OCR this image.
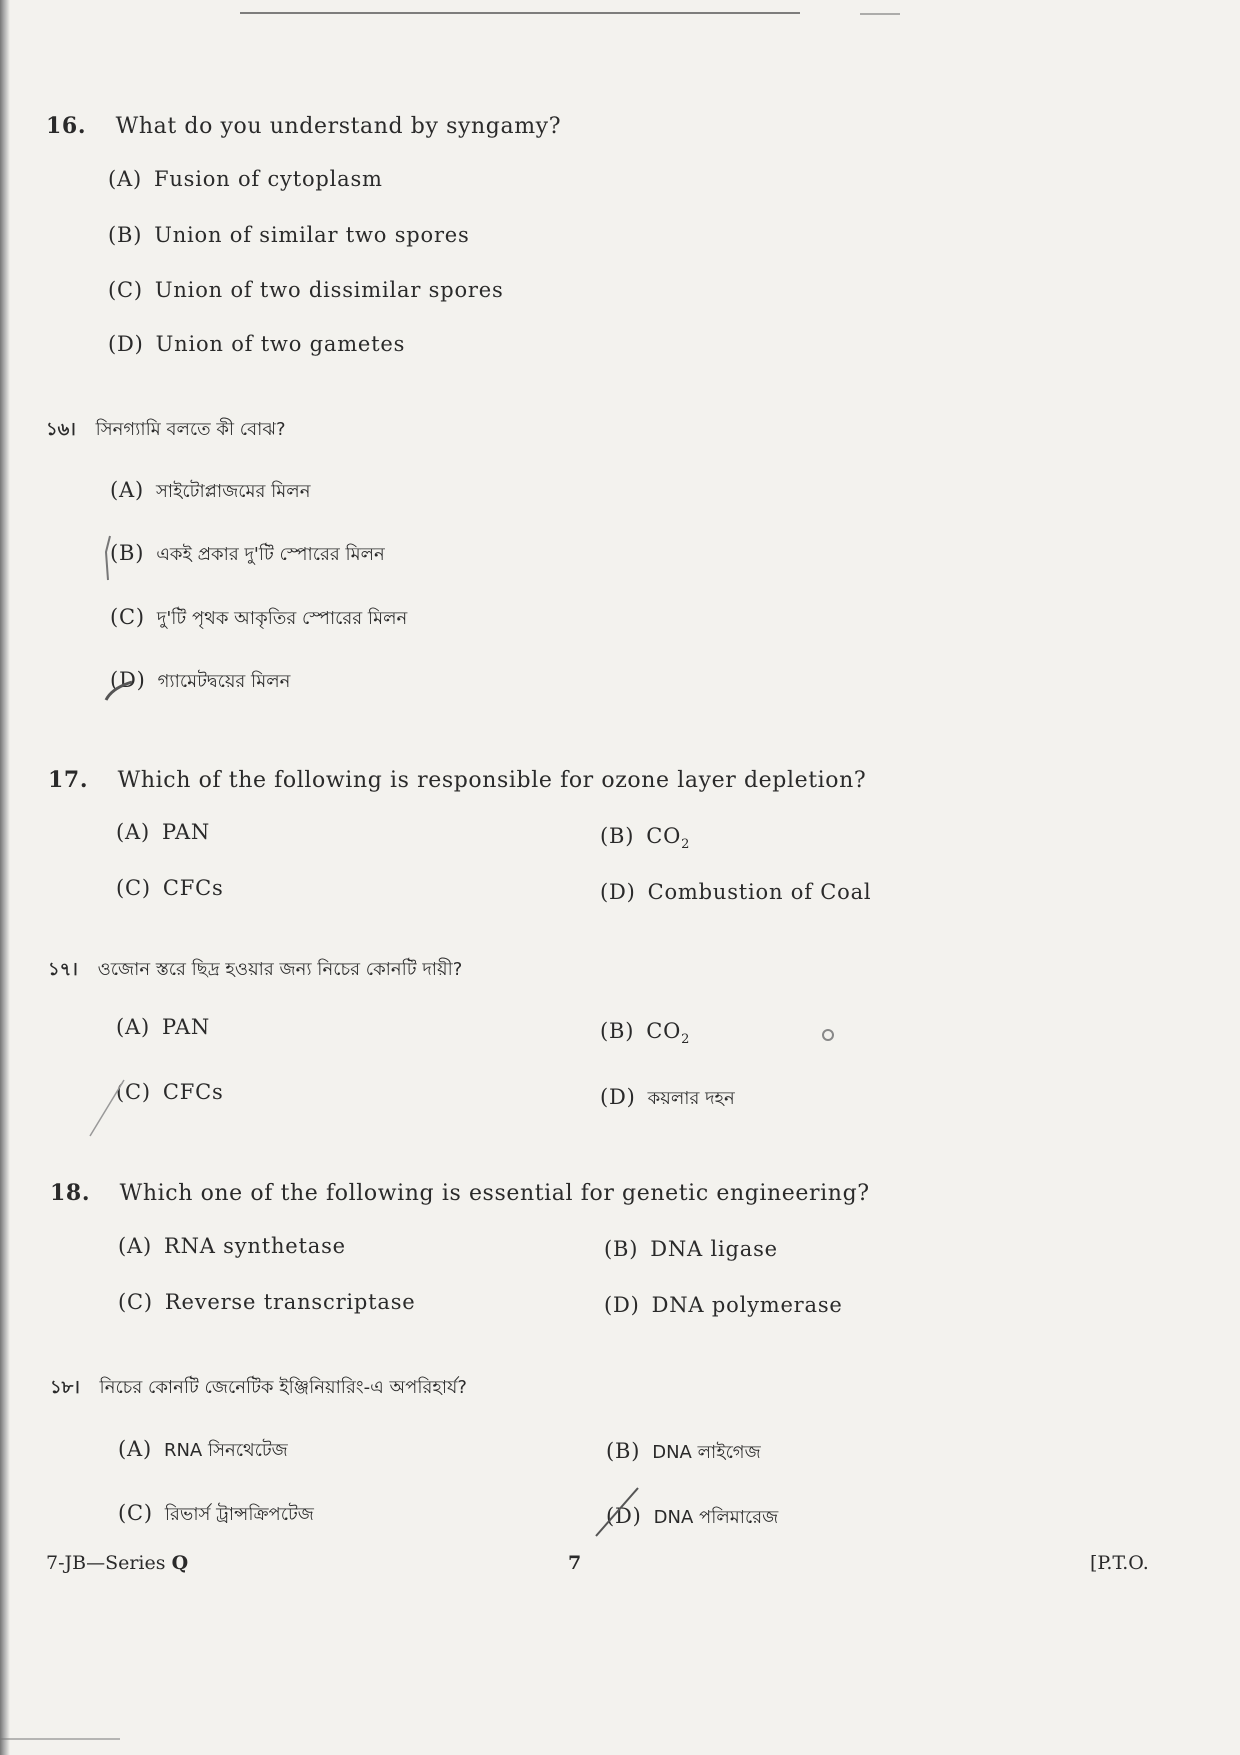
16. What do you understand by syngamy?
(A) Fusion of cytoplasm
(B) Union of similar two spores
(C) Union of two dissimilar spores
(D) Union of two gametes
১৬। সিনগ্যামি বলতে কী বোঝ?
(A) সাইটোপ্লাজমের মিলন
(B) একই প্রকার দু'টি স্পোরের মিলন
(C) দু'টি পৃথক আকৃতির স্পোরের মিলন
(D) গ্যামেটদ্বয়ের মিলন
17. Which of the following is responsible for ozone layer depletion?
(A) PAN	(B) $CO_2$
(C) CFCs	(D) Combustion of Coal
১৭। ওজোন স্তরে ছিদ্র হওয়ার জন্য নিচের কোনটি দায়ী?
(A) PAN	(B) $CO_2$
(C) CFCs	(D) কয়লার দহন
18. Which one of the following is essential for genetic engineering?
(A) RNA synthetase	(B) DNA ligase
(C) Reverse transcriptase	(D) DNA polymerase
১৮। নিচের কোনটি জেনেটিক ইঞ্জিনিয়ারিং-এ অপরিহার্য?
(A) RNA সিনথেটেজ	(B) DNA লাইগেজ
(C) রিভার্স ট্রান্সক্রিপটেজ	(D) DNA পলিমারেজ
7-JB—Series Q	7	[P.T.O.
